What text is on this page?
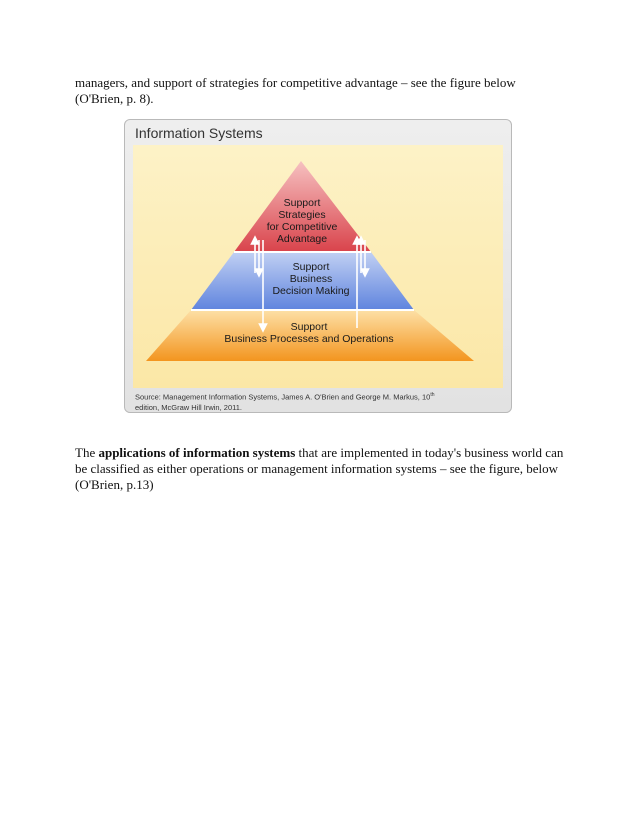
managers, and support of strategies for competitive advantage – see the figure below (O'Brien, p. 8).
Information Systems
Support
Strategies
for Competitive
Advantage
Support
Business
Decision Making
Support
Business Processes and Operations
Source: Management Information Systems, James A. O'Brien and George M. Markus, 10th
edition, McGraw Hill Irwin, 2011.
The applications of information systems that are implemented in today's business world can be classified as either operations or management information systems – see the figure, below (O'Brien, p.13)
